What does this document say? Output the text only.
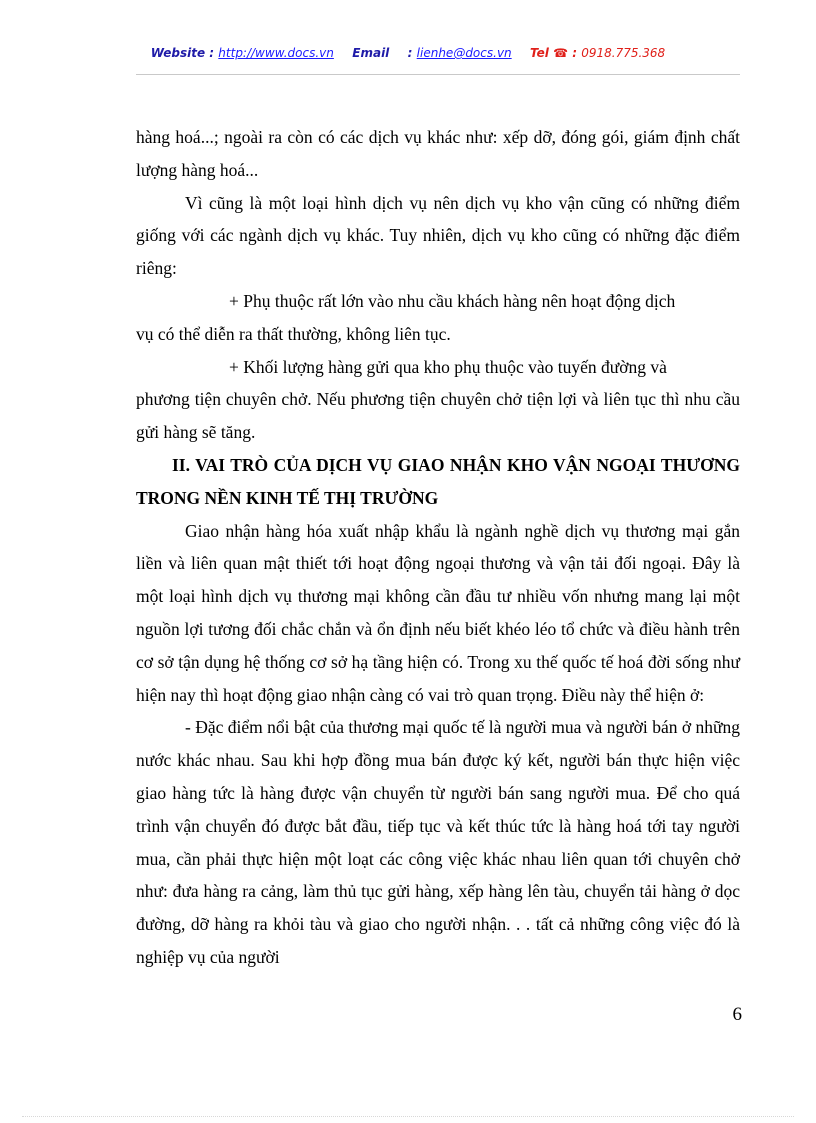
Website : http://www.docs.vn Email : lienhe@docs.vn Tel ☎ : 0918.775.368

hàng hoá...; ngoài ra còn có các dịch vụ khác như: xếp dỡ, đóng gói, giám định chất lượng hàng hoá...

Vì cũng là một loại hình dịch vụ nên dịch vụ kho vận cũng có những điểm giống với các ngành dịch vụ khác. Tuy nhiên, dịch vụ kho cũng có những đặc điểm riêng:

+ Phụ thuộc rất lớn vào nhu cầu khách hàng nên hoạt động dịch

vụ có thể diễn ra thất thường, không liên tục.

+ Khối lượng hàng gửi qua kho phụ thuộc vào tuyến đường và

phương tiện chuyên chở. Nếu phương tiện chuyên chở tiện lợi và liên tục thì nhu cầu gửi hàng sẽ tăng.

II. VAI TRÒ CỦA DỊCH VỤ GIAO NHẬN KHO VẬN NGOẠI THƯƠNG TRONG NỀN KINH TẾ THỊ TRƯỜNG

Giao nhận hàng hóa xuất nhập khẩu là ngành nghề dịch vụ thương mại gắn liền và liên quan mật thiết tới hoạt động ngoại thương và vận tải đối ngoại. Đây là một loại hình dịch vụ thương mại không cần đầu tư nhiều vốn nhưng mang lại một nguồn lợi tương đối chắc chắn và ổn định nếu biết khéo léo tổ chức và điều hành trên cơ sở tận dụng hệ thống cơ sở hạ tầng hiện có. Trong xu thế quốc tế hoá đời sống như hiện nay thì hoạt động giao nhận càng có vai trò quan trọng. Điều này thể hiện ở:

- Đặc điểm nổi bật của thương mại quốc tế là người mua và người bán ở những nước khác nhau. Sau khi hợp đồng mua bán được ký kết, người bán thực hiện việc giao hàng tức là hàng được vận chuyển từ người bán sang người mua. Để cho quá trình vận chuyển đó được bắt đầu, tiếp tục và kết thúc tức là hàng hoá tới tay người mua, cần phải thực hiện một loạt các công việc khác nhau liên quan tới chuyên chở như: đưa hàng ra cảng, làm thủ tục gửi hàng, xếp hàng lên tàu, chuyển tải hàng ở dọc đường, dỡ hàng ra khỏi tàu và giao cho người nhận. . . tất cả những công việc đó là nghiệp vụ của người

6
